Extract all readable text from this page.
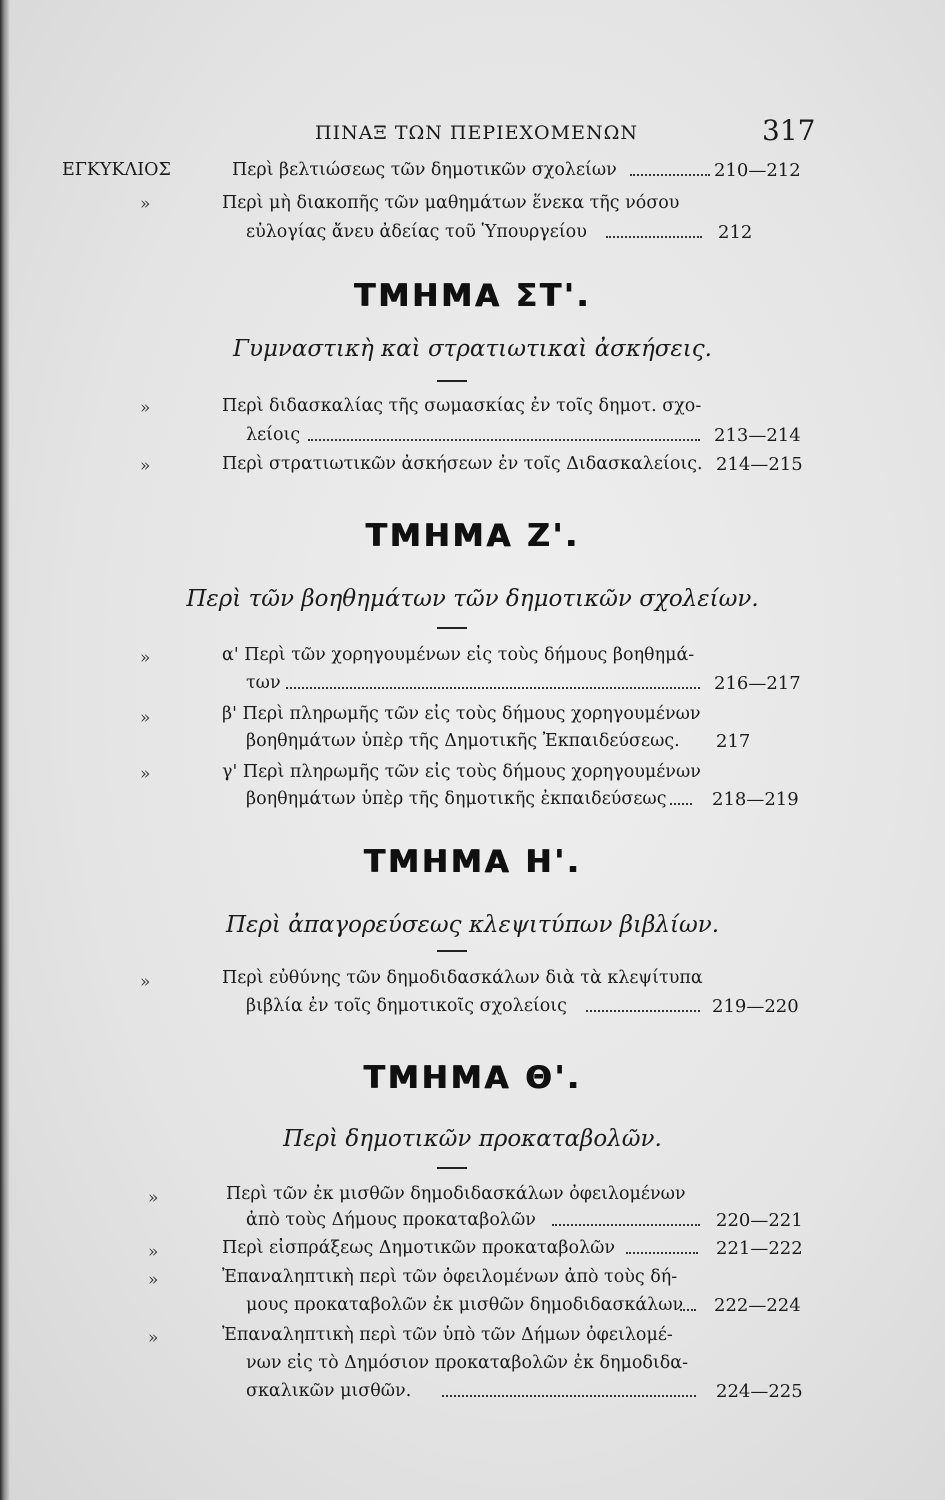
ΠΙΝΑΞ ΤΩΝ ΠΕΡΙΕΧΟΜΕΝΩΝ	317
ΕΓΚΥΚΛΙΟΣ	Περὶ βελτιώσεως τῶν δημοτικῶν σχολείων	210—212
»	Περὶ μὴ διακοπῆς τῶν μαθημάτων ἕνεκα τῆς νόσου
εὐλογίας ἄνευ ἀδείας τοῦ Ὑπουργείου	212
ΤΜΗΜΑ ΣΤ'.
Γυμναστικὴ καὶ στρατιωτικαὶ ἀσκήσεις.
»	Περὶ διδασκαλίας τῆς σωμασκίας ἐν τοῖς δημοτ. σχο-
λείοις	213—214
»	Περὶ στρατιωτικῶν ἀσκήσεων ἐν τοῖς Διδασκαλείοις. 214—215
ΤΜΗΜΑ Ζ'.
Περὶ τῶν βοηθημάτων τῶν δημοτικῶν σχολείων.
»	α' Περὶ τῶν χορηγουμένων εἰς τοὺς δήμους βοηθημά-
των	216—217
»	β' Περὶ πληρωμῆς τῶν εἰς τοὺς δήμους χορηγουμένων
βοηθημάτων ὑπὲρ τῆς Δημοτικῆς Ἐκπαιδεύσεως. 217
»	γ' Περὶ πληρωμῆς τῶν εἰς τοὺς δήμους χορηγουμένων
βοηθημάτων ὑπὲρ τῆς δημοτικῆς ἐκπαιδεύσεως	218—219
ΤΜΗΜΑ Η'.
Περὶ ἀπαγορεύσεως κλεψιτύπων βιβλίων.
»	Περὶ εὐθύνης τῶν δημοδιδασκάλων διὰ τὰ κλεψίτυπα
βιβλία ἐν τοῖς δημοτικοῖς σχολείοις	219—220
ΤΜΗΜΑ Θ'.
Περὶ δημοτικῶν προκαταβολῶν.
»	Περὶ τῶν ἐκ μισθῶν δημοδιδασκάλων ὀφειλομένων
ἀπὸ τοὺς Δήμους προκαταβολῶν	220—221
»	Περὶ εἰσπράξεως Δημοτικῶν προκαταβολῶν	221—222
»	Ἐπαναληπτικὴ περὶ τῶν ὀφειλομένων ἀπὸ τοὺς δή-
μους προκαταβολῶν ἐκ μισθῶν δημοδιδασκάλων 222—224
»	Ἐπαναληπτικὴ περὶ τῶν ὑπὸ τῶν Δήμων ὀφειλομέ-
νων εἰς τὸ Δημόσιον προκαταβολῶν ἐκ δημοδιδα-
σκαλικῶν μισθῶν.	224—225
